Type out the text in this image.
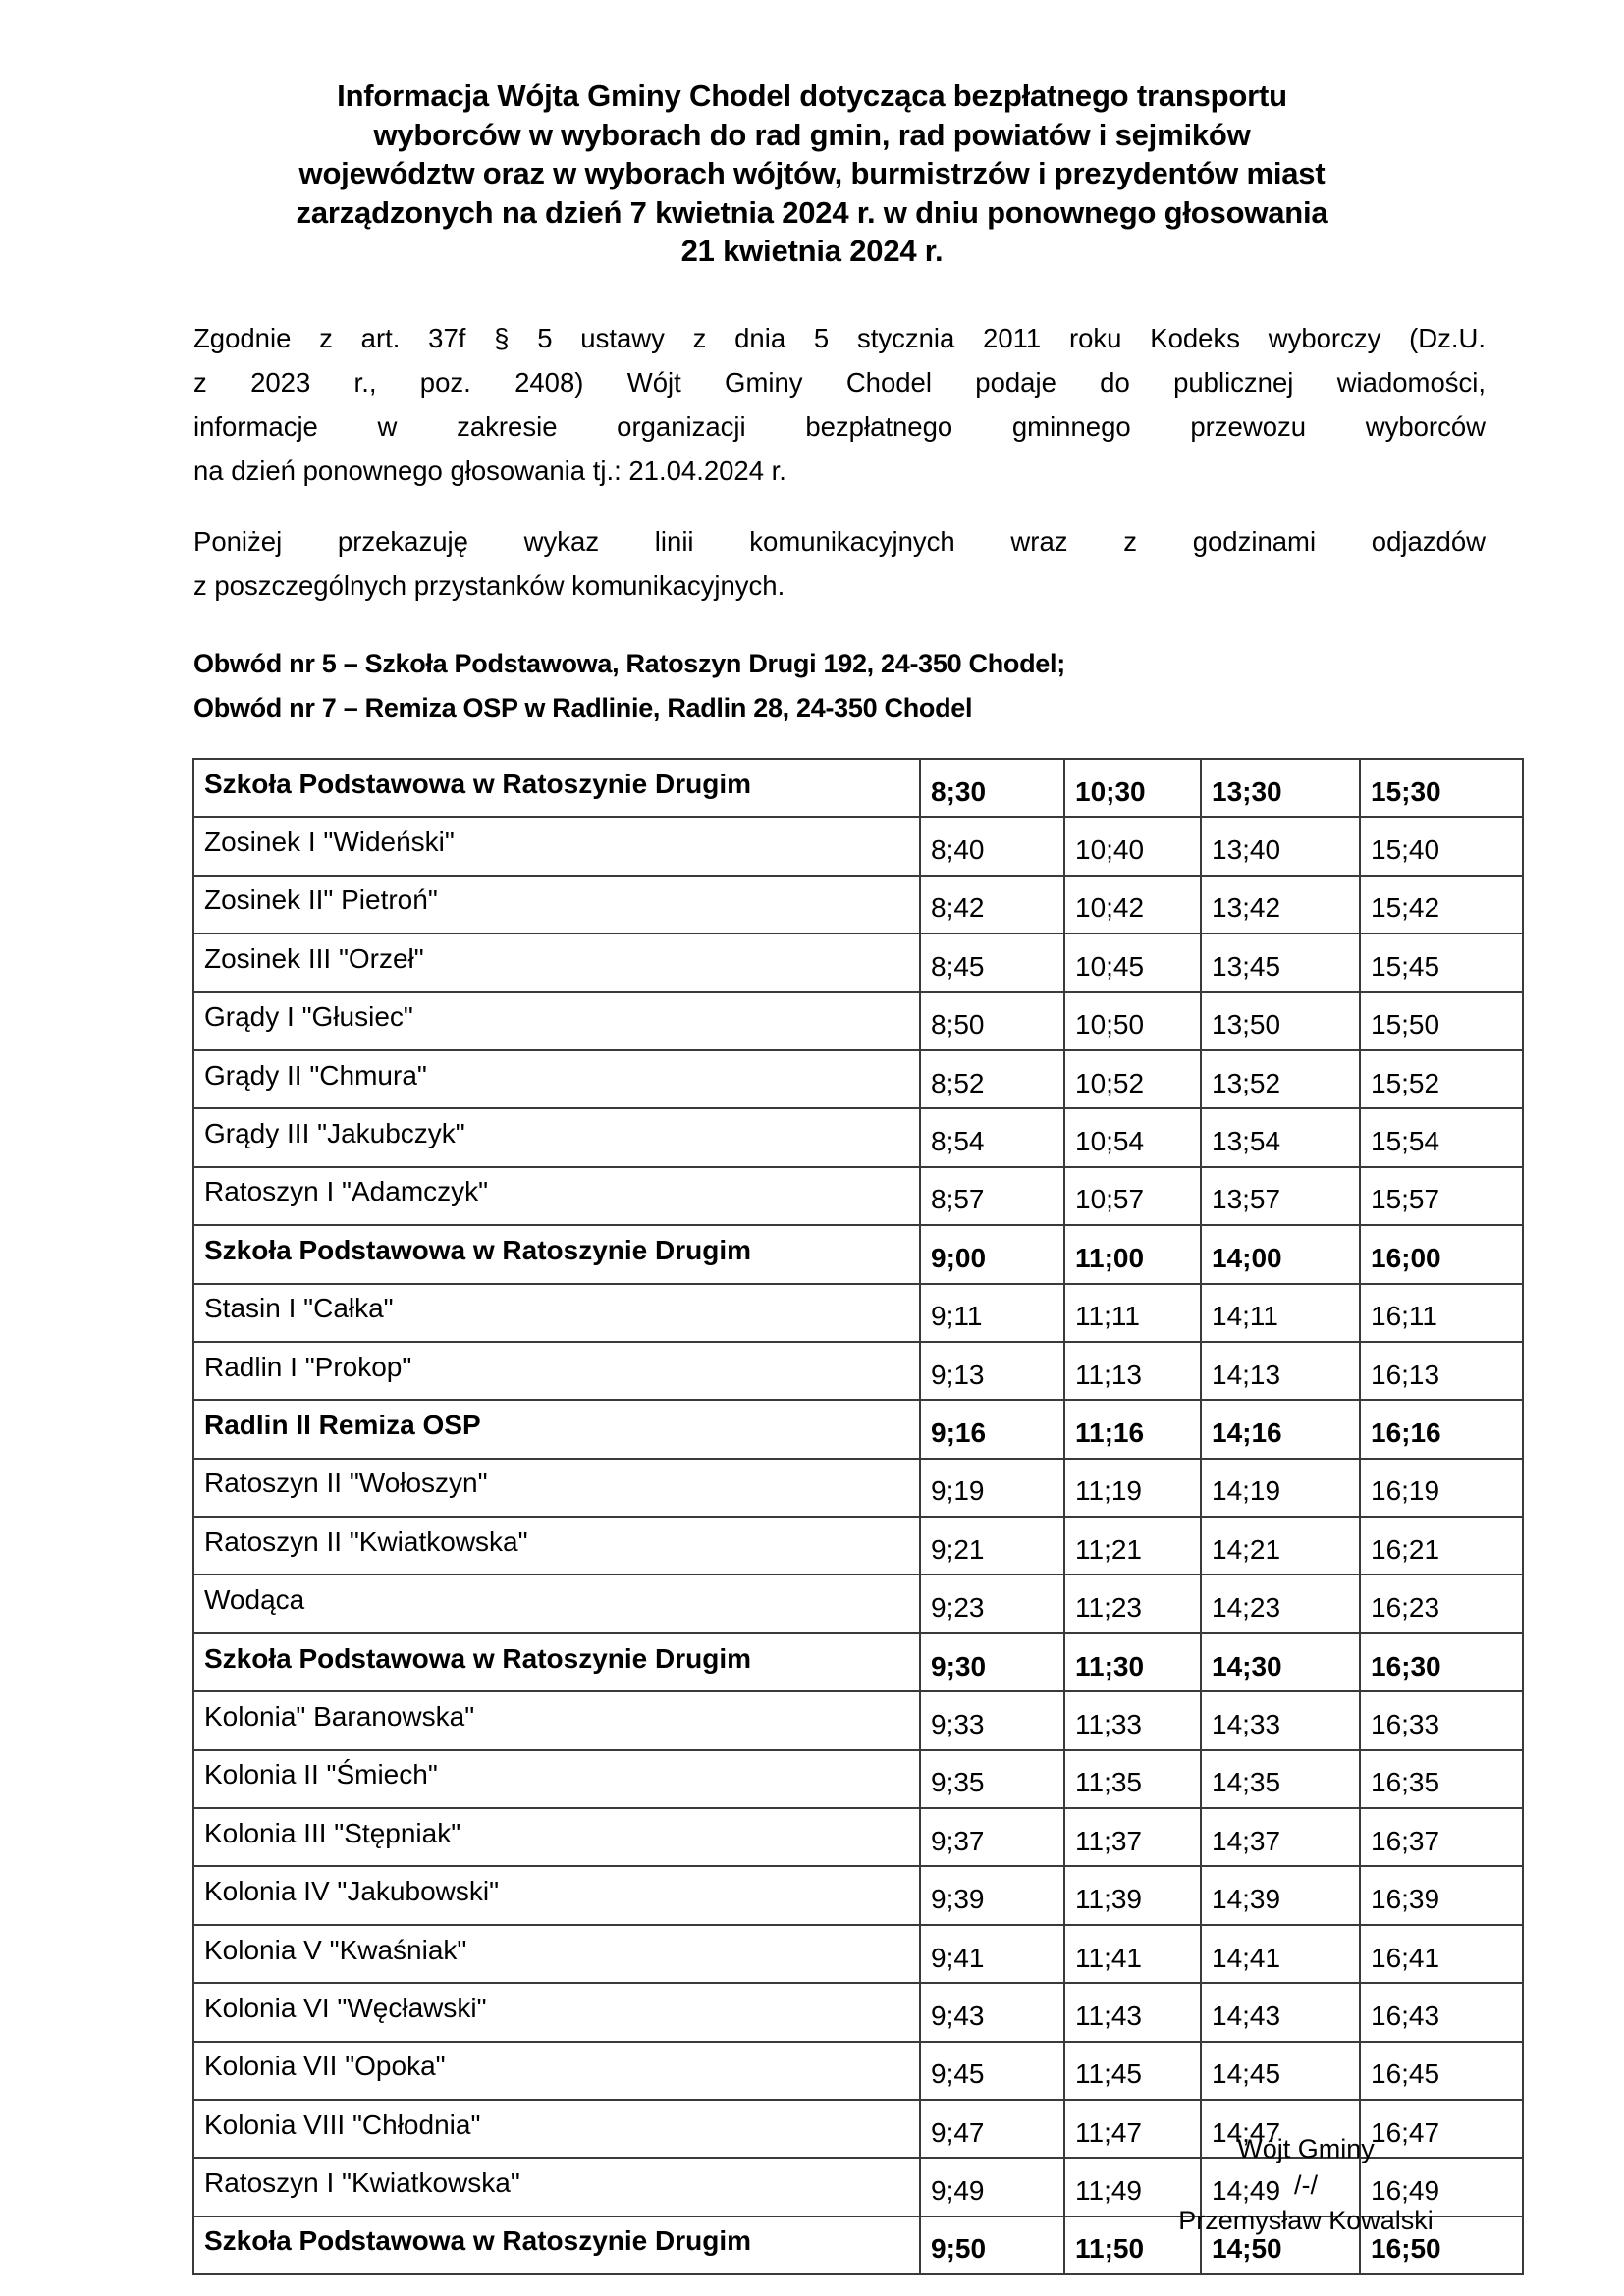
Informacja Wójta Gminy Chodel dotycząca bezpłatnego transportu
wyborców w wyborach do rad gmin, rad powiatów i sejmików
województw oraz w wyborach wójtów, burmistrzów i prezydentów miast
zarządzonych na dzień 7 kwietnia 2024 r. w dniu ponownego głosowania
21 kwietnia 2024 r.
Zgodnie z art. 37f § 5 ustawy z dnia 5 stycznia 2011 roku Kodeks wyborczy (Dz.U.
z 2023 r., poz. 2408) Wójt Gminy Chodel podaje do publicznej wiadomości,
informacje w zakresie organizacji bezpłatnego gminnego przewozu wyborców
na dzień ponownego głosowania tj.: 21.04.2024 r.
Poniżej przekazuję wykaz linii komunikacyjnych wraz z godzinami odjazdów
z poszczególnych przystanków komunikacyjnych.
Obwód nr 5 – Szkoła Podstawowa, Ratoszyn Drugi 192, 24-350 Chodel;
Obwód nr 7 – Remiza OSP w Radlinie, Radlin 28, 24-350 Chodel
Szkoła Podstawowa w Ratoszynie Drugim	8;30	10;30	13;30	15;30
Zosinek I "Wideński"	8;40	10;40	13;40	15;40
Zosinek II" Pietroń"	8;42	10;42	13;42	15;42
Zosinek III "Orzeł"	8;45	10;45	13;45	15;45
Grądy I "Głusiec"	8;50	10;50	13;50	15;50
Grądy II "Chmura"	8;52	10;52	13;52	15;52
Grądy III "Jakubczyk"	8;54	10;54	13;54	15;54
Ratoszyn I "Adamczyk"	8;57	10;57	13;57	15;57
Szkoła Podstawowa w Ratoszynie Drugim	9;00	11;00	14;00	16;00
Stasin I "Całka"	9;11	11;11	14;11	16;11
Radlin I "Prokop"	9;13	11;13	14;13	16;13
Radlin II Remiza OSP	9;16	11;16	14;16	16;16
Ratoszyn II "Wołoszyn"	9;19	11;19	14;19	16;19
Ratoszyn II "Kwiatkowska"	9;21	11;21	14;21	16;21
Wodąca	9;23	11;23	14;23	16;23
Szkoła Podstawowa w Ratoszynie Drugim	9;30	11;30	14;30	16;30
Kolonia" Baranowska"	9;33	11;33	14;33	16;33
Kolonia II "Śmiech"	9;35	11;35	14;35	16;35
Kolonia III "Stępniak"	9;37	11;37	14;37	16;37
Kolonia IV "Jakubowski"	9;39	11;39	14;39	16;39
Kolonia V "Kwaśniak"	9;41	11;41	14;41	16;41
Kolonia VI "Węcławski"	9;43	11;43	14;43	16;43
Kolonia VII "Opoka"	9;45	11;45	14;45	16;45
Kolonia VIII "Chłodnia"	9;47	11;47	14;47	16;47
Ratoszyn I "Kwiatkowska"	9;49	11;49	14;49	16;49
Szkoła Podstawowa w Ratoszynie Drugim	9;50	11;50	14;50	16;50
Wójt Gminy
/-/
Przemysław Kowalski
